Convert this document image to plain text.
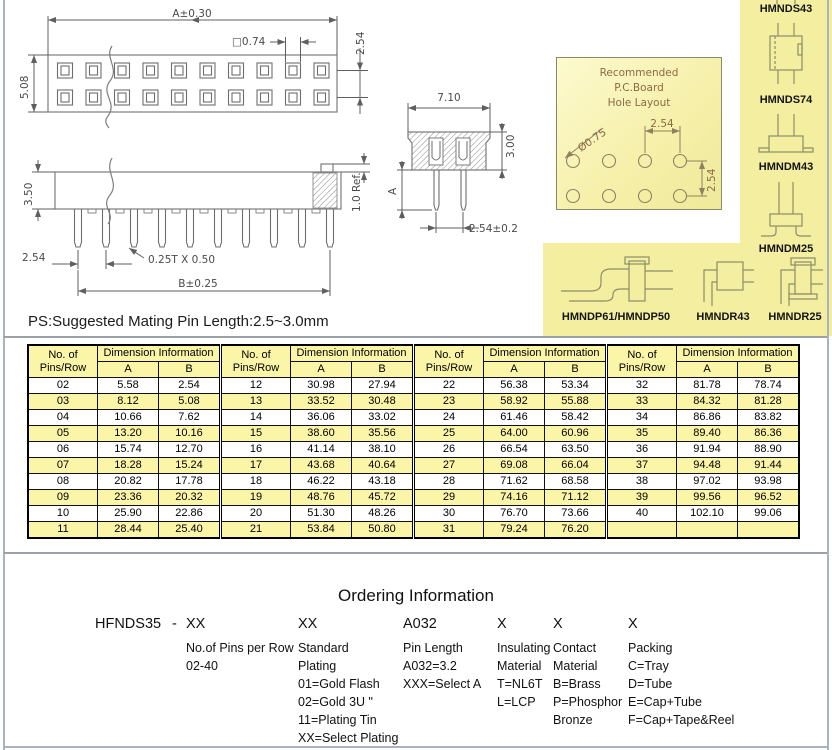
A±0.30
□0.74	2.54
5.08
3.50	1.0 Ref.
2.54	0.25T X 0.50
B±0.25
7.10
3.00
A
2.54±0.2
Recommended
P.C.Board
Hole Layout
Ø0.75
2.54
2.54
HMNDS43
HMNDS74
HMNDM43
HMNDM25
HMNDP61/HMNDP50	HMNDR43	HMNDR25
PS:Suggested Mating Pin Length:2.5~3.0mm
No. of
Pins/Row
	Dimension Information	No. of
Pins/Row
	Dimension Information	No. of
Pins/Row
	Dimension Information	No. of
Pins/Row
	Dimension Information
	A	B		A	B		A	B		A	B
02	5.58	2.54	12	30.98	27.94	22	56.38	53.34	32	81.78	78.74
03	8.12	5.08	13	33.52	30.48	23	58.92	55.88	33	84.32	81.28
04	10.66	7.62	14	36.06	33.02	24	61.46	58.42	34	86.86	83.82
05	13.20	10.16	15	38.60	35.56	25	64.00	60.96	35	89.40	86.36
06	15.74	12.70	16	41.14	38.10	26	66.54	63.50	36	91.94	88.90
07	18.28	15.24	17	43.68	40.64	27	69.08	66.04	37	94.48	91.44
08	20.82	17.78	18	46.22	43.18	28	71.62	68.58	38	97.02	93.98
09	23.36	20.32	19	48.76	45.72	29	74.16	71.12	39	99.56	96.52
10	25.90	22.86	20	51.30	48.26	30	76.70	73.66	40	102.10	99.06
11	28.44	25.40	21	53.84	50.80	31	79.24	76.20			
Ordering Information
HFNDS35 - XX
No.of Pins per Row
02-40
XX
Standard
Plating
01=Gold Flash
02=Gold 3U "
11=Plating Tin
XX=Select Plating
A032
Pin Length
A032=3.2
XXX=Select A
X
Insulating
Material
T=NL6T
L=LCP
X
Contact
Material
B=Brass
P=Phosphor
Bronze
X
Packing
C=Tray
D=Tube
E=Cap+Tube
F=Cap+Tape&Reel
